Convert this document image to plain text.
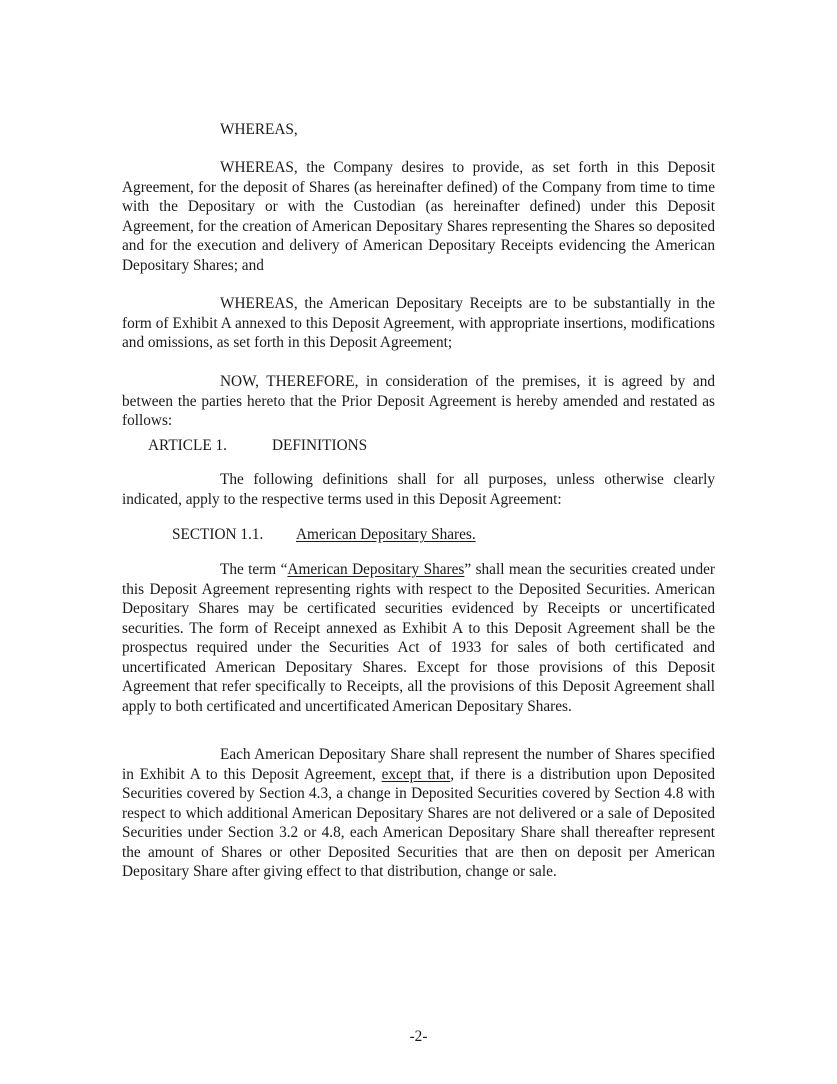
WHEREAS,

WHEREAS, the Company desires to provide, as set forth in this Deposit Agreement, for the deposit of Shares (as hereinafter defined) of the Company from time to time with the Depositary or with the Custodian (as hereinafter defined) under this Deposit Agreement, for the creation of American Depositary Shares representing the Shares so deposited and for the execution and delivery of American Depositary Receipts evidencing the American Depositary Shares; and

WHEREAS, the American Depositary Receipts are to be substantially in the form of Exhibit A annexed to this Deposit Agreement, with appropriate insertions, modifications and omissions, as set forth in this Deposit Agreement;

NOW, THEREFORE, in consideration of the premises, it is agreed by and between the parties hereto that the Prior Deposit Agreement is hereby amended and restated as follows:

ARTICLE 1.	DEFINITIONS

The following definitions shall for all purposes, unless otherwise clearly indicated, apply to the respective terms used in this Deposit Agreement:

SECTION 1.1. American Depositary Shares.

The term “American Depositary Shares” shall mean the securities created under this Deposit Agreement representing rights with respect to the Deposited Securities. American Depositary Shares may be certificated securities evidenced by Receipts or uncertificated securities. The form of Receipt annexed as Exhibit A to this Deposit Agreement shall be the prospectus required under the Securities Act of 1933 for sales of both certificated and uncertificated American Depositary Shares. Except for those provisions of this Deposit Agreement that refer specifically to Receipts, all the provisions of this Deposit Agreement shall apply to both certificated and uncertificated American Depositary Shares.

Each American Depositary Share shall represent the number of Shares specified in Exhibit A to this Deposit Agreement, except that, if there is a distribution upon Deposited Securities covered by Section 4.3, a change in Deposited Securities covered by Section 4.8 with respect to which additional American Depositary Shares are not delivered or a sale of Deposited Securities under Section 3.2 or 4.8, each American Depositary Share shall thereafter represent the amount of Shares or other Deposited Securities that are then on deposit per American Depositary Share after giving effect to that distribution, change or sale.

-2-
